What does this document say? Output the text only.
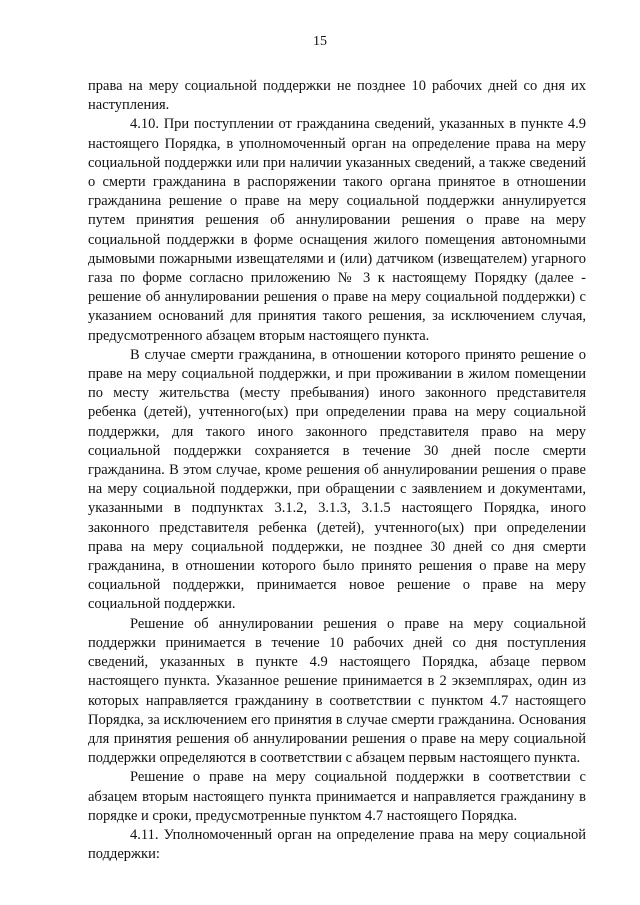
15

права на меру социальной поддержки не позднее 10 рабочих дней со дня их наступления.

4.10. При поступлении от гражданина сведений, указанных в пункте 4.9 настоящего Порядка, в уполномоченный орган на определение права на меру социальной поддержки или при наличии указанных сведений, а также сведений о смерти гражданина в распоряжении такого органа принятое в отношении гражданина решение о праве на меру социальной поддержки аннулируется путем принятия решения об аннулировании решения о праве на меру социальной поддержки в форме оснащения жилого помещения автономными дымовыми пожарными извещателями и (или) датчиком (извещателем) угарного газа по форме согласно приложению № 3 к настоящему Порядку (далее - решение об аннулировании решения о праве на меру социальной поддержки) с указанием оснований для принятия такого решения, за исключением случая, предусмотренного абзацем вторым настоящего пункта.

В случае смерти гражданина, в отношении которого принято решение о праве на меру социальной поддержки, и при проживании в жилом помещении по месту жительства (месту пребывания) иного законного представителя ребенка (детей), учтенного(ых) при определении права на меру социальной поддержки, для такого иного законного представителя право на меру социальной поддержки сохраняется в течение 30 дней после смерти гражданина. В этом случае, кроме решения об аннулировании решения о праве на меру социальной поддержки, при обращении с заявлением и документами, указанными в подпунктах 3.1.2, 3.1.3, 3.1.5 настоящего Порядка, иного законного представителя ребенка (детей), учтенного(ых) при определении права на меру социальной поддержки, не позднее 30 дней со дня смерти гражданина, в отношении которого было принято решения о праве на меру социальной поддержки, принимается новое решение о праве на меру социальной поддержки.

Решение об аннулировании решения о праве на меру социальной поддержки принимается в течение 10 рабочих дней со дня поступления сведений, указанных в пункте 4.9 настоящего Порядка, абзаце первом настоящего пункта. Указанное решение принимается в 2 экземплярах, один из которых направляется гражданину в соответствии с пунктом 4.7 настоящего Порядка, за исключением его принятия в случае смерти гражданина. Основания для принятия решения об аннулировании решения о праве на меру социальной поддержки определяются в соответствии с абзацем первым настоящего пункта.

Решение о праве на меру социальной поддержки в соответствии с абзацем вторым настоящего пункта принимается и направляется гражданину в порядке и сроки, предусмотренные пунктом 4.7 настоящего Порядка.

4.11. Уполномоченный орган на определение права на меру социальной поддержки:
